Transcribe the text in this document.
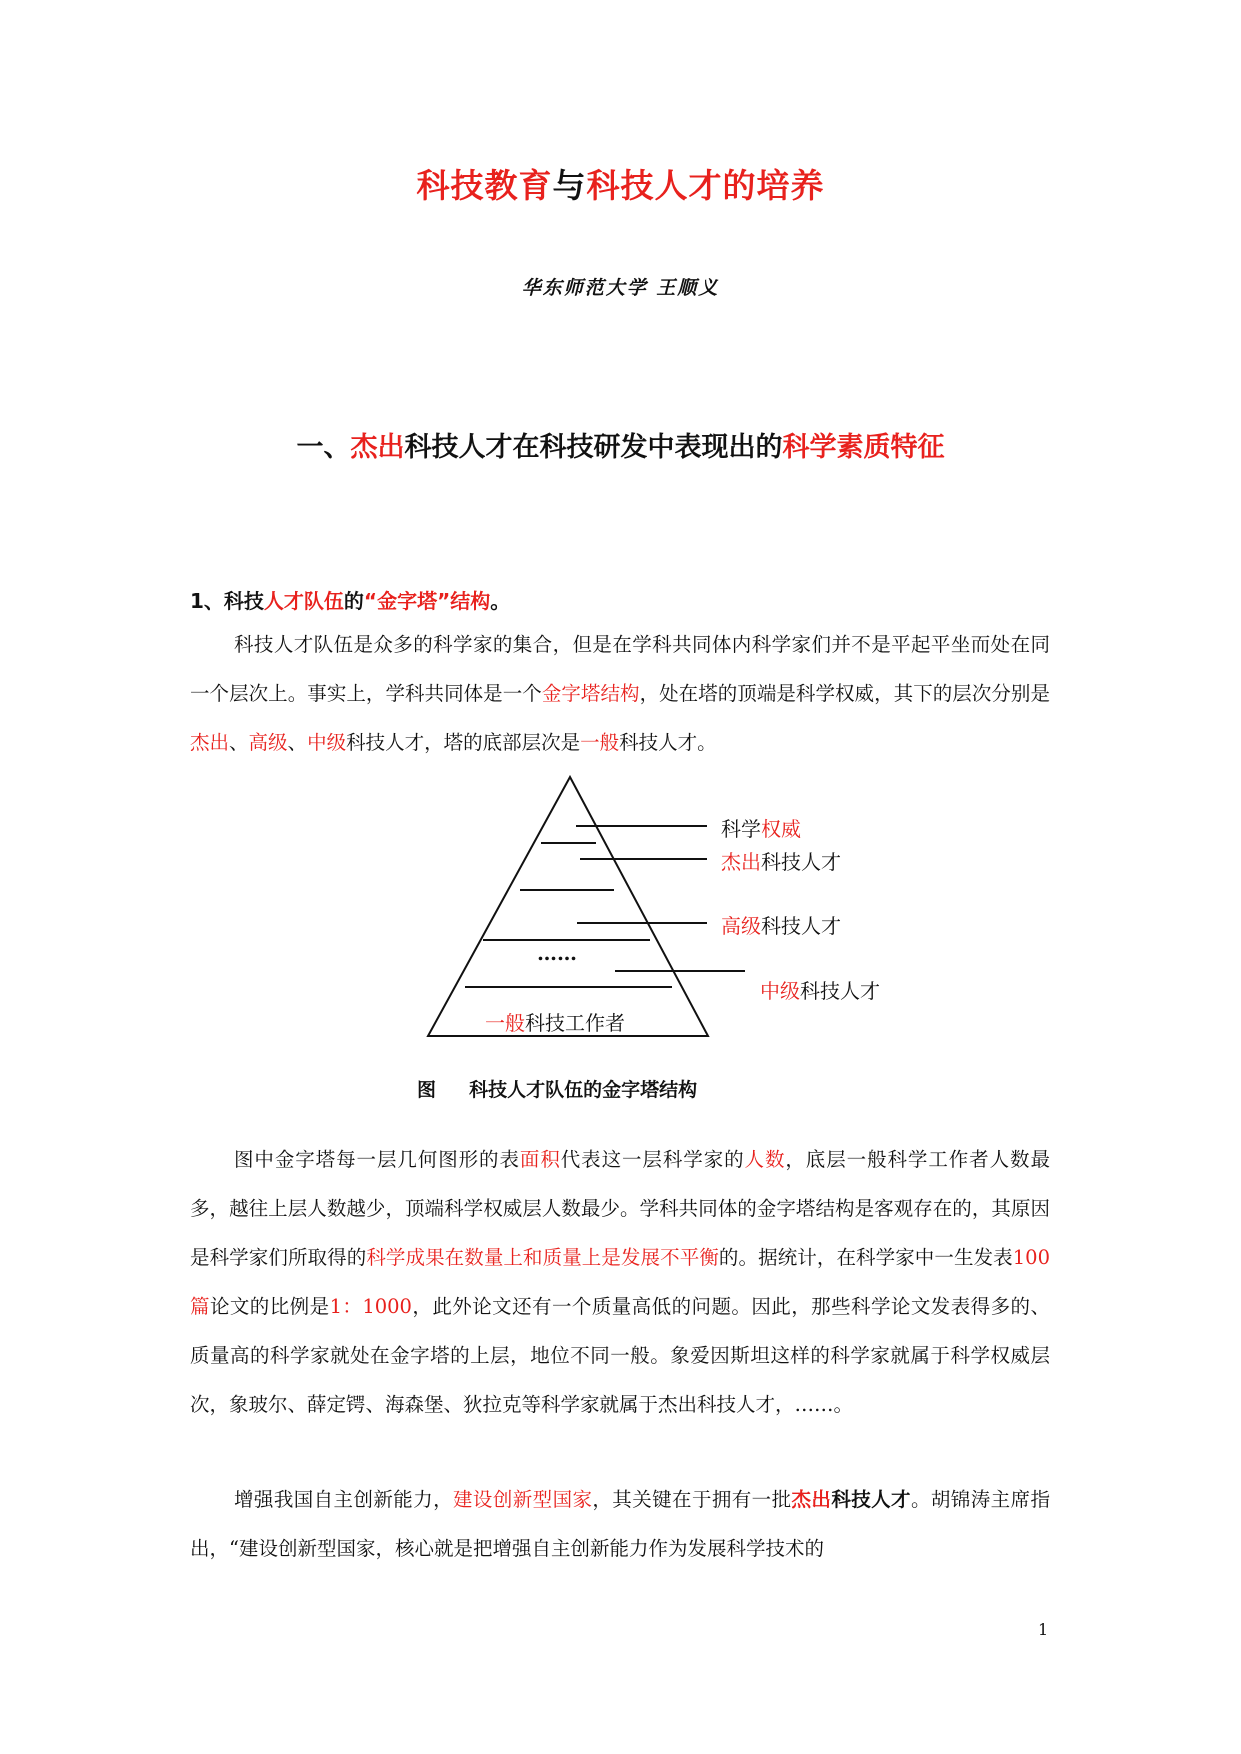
科技教育与科技人才的培养
华东师范大学 王顺义
一、杰出科技人才在科技研发中表现出的科学素质特征
1、科技人才队伍的“金字塔”结构。

科技人才队伍是众多的科学家的集合，但是在学科共同体内科学家们并不是平起平坐而处在同一个层次上。事实上，学科共同体是一个金字塔结构，处在塔的顶端是科学权威，其下的层次分别是杰出、高级、中级科技人才，塔的底部层次是一般科技人才。

科学权威
杰出科技人才
高级科技人才
中级科技人才
……
一般科技工作者
图     科技人才队伍的金字塔结构

图中金字塔每一层几何图形的表面积代表这一层科学家的人数，底层一般科学工作者人数最多，越往上层人数越少，顶端科学权威层人数最少。学科共同体的金字塔结构是客观存在的，其原因是科学家们所取得的科学成果在数量上和质量上是发展不平衡的。据统计，在科学家中一生发表100篇论文的比例是1：1000，此外论文还有一个质量高低的问题。因此，那些科学论文发表得多的、质量高的科学家就处在金字塔的上层，地位不同一般。象爱因斯坦这样的科学家就属于科学权威层次，象玻尔、薛定锷、海森堡、狄拉克等科学家就属于杰出科技人才，……。

增强我国自主创新能力，建设创新型国家，其关键在于拥有一批杰出科技人才。胡锦涛主席指出，“建设创新型国家，核心就是把增强自主创新能力作为发展科学技术的

1
